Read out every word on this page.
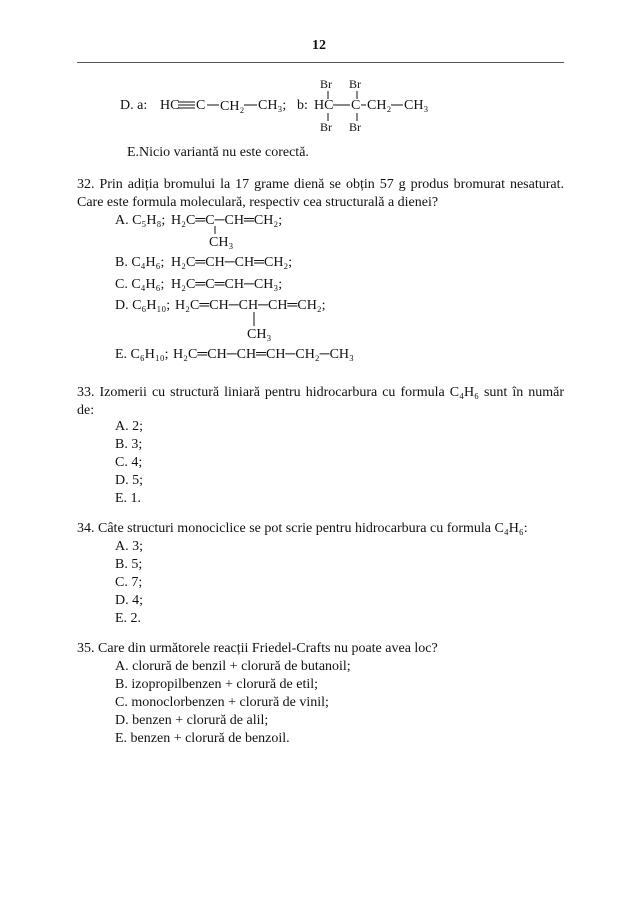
12
D. a: HC C CH₂ CH₃; b: HC C CH₂ CH₃
Br Br
Br Br
E.Nicio variantă nu este corectă.
32. Prin adiția bromului la 17 grame dienă se obțin 57 g produs bromurat nesaturat. Care este formula moleculară, respectiv cea structurală a dienei?
A. C₅H₈; H₂C═C─CH═CH₂;
CH₃
B. C₄H₆; H₂C═CH─CH═CH₂;
C. C₄H₆; H₂C═C═CH─CH₃;
D. C₆H₁₀; H₂C═CH─CH─CH═CH₂;
CH₃
E. C₆H₁₀; H₂C═CH─CH═CH─CH₂─CH₃
33. Izomerii cu structură liniară pentru hidrocarbura cu formula C₄H₆ sunt în număr de:
A. 2;
B. 3;
C. 4;
D. 5;
E. 1.
34. Câte structuri monociclice se pot scrie pentru hidrocarbura cu formula C₄H₆:
A. 3;
B. 5;
C. 7;
D. 4;
E. 2.
35. Care din următorele reacții Friedel-Crafts nu poate avea loc?
A. clorură de benzil + clorură de butanoil;
B. izopropilbenzen + clorură de etil;
C. monoclorbenzen + clorură de vinil;
D. benzen + clorură de alil;
E. benzen + clorură de benzoil.
